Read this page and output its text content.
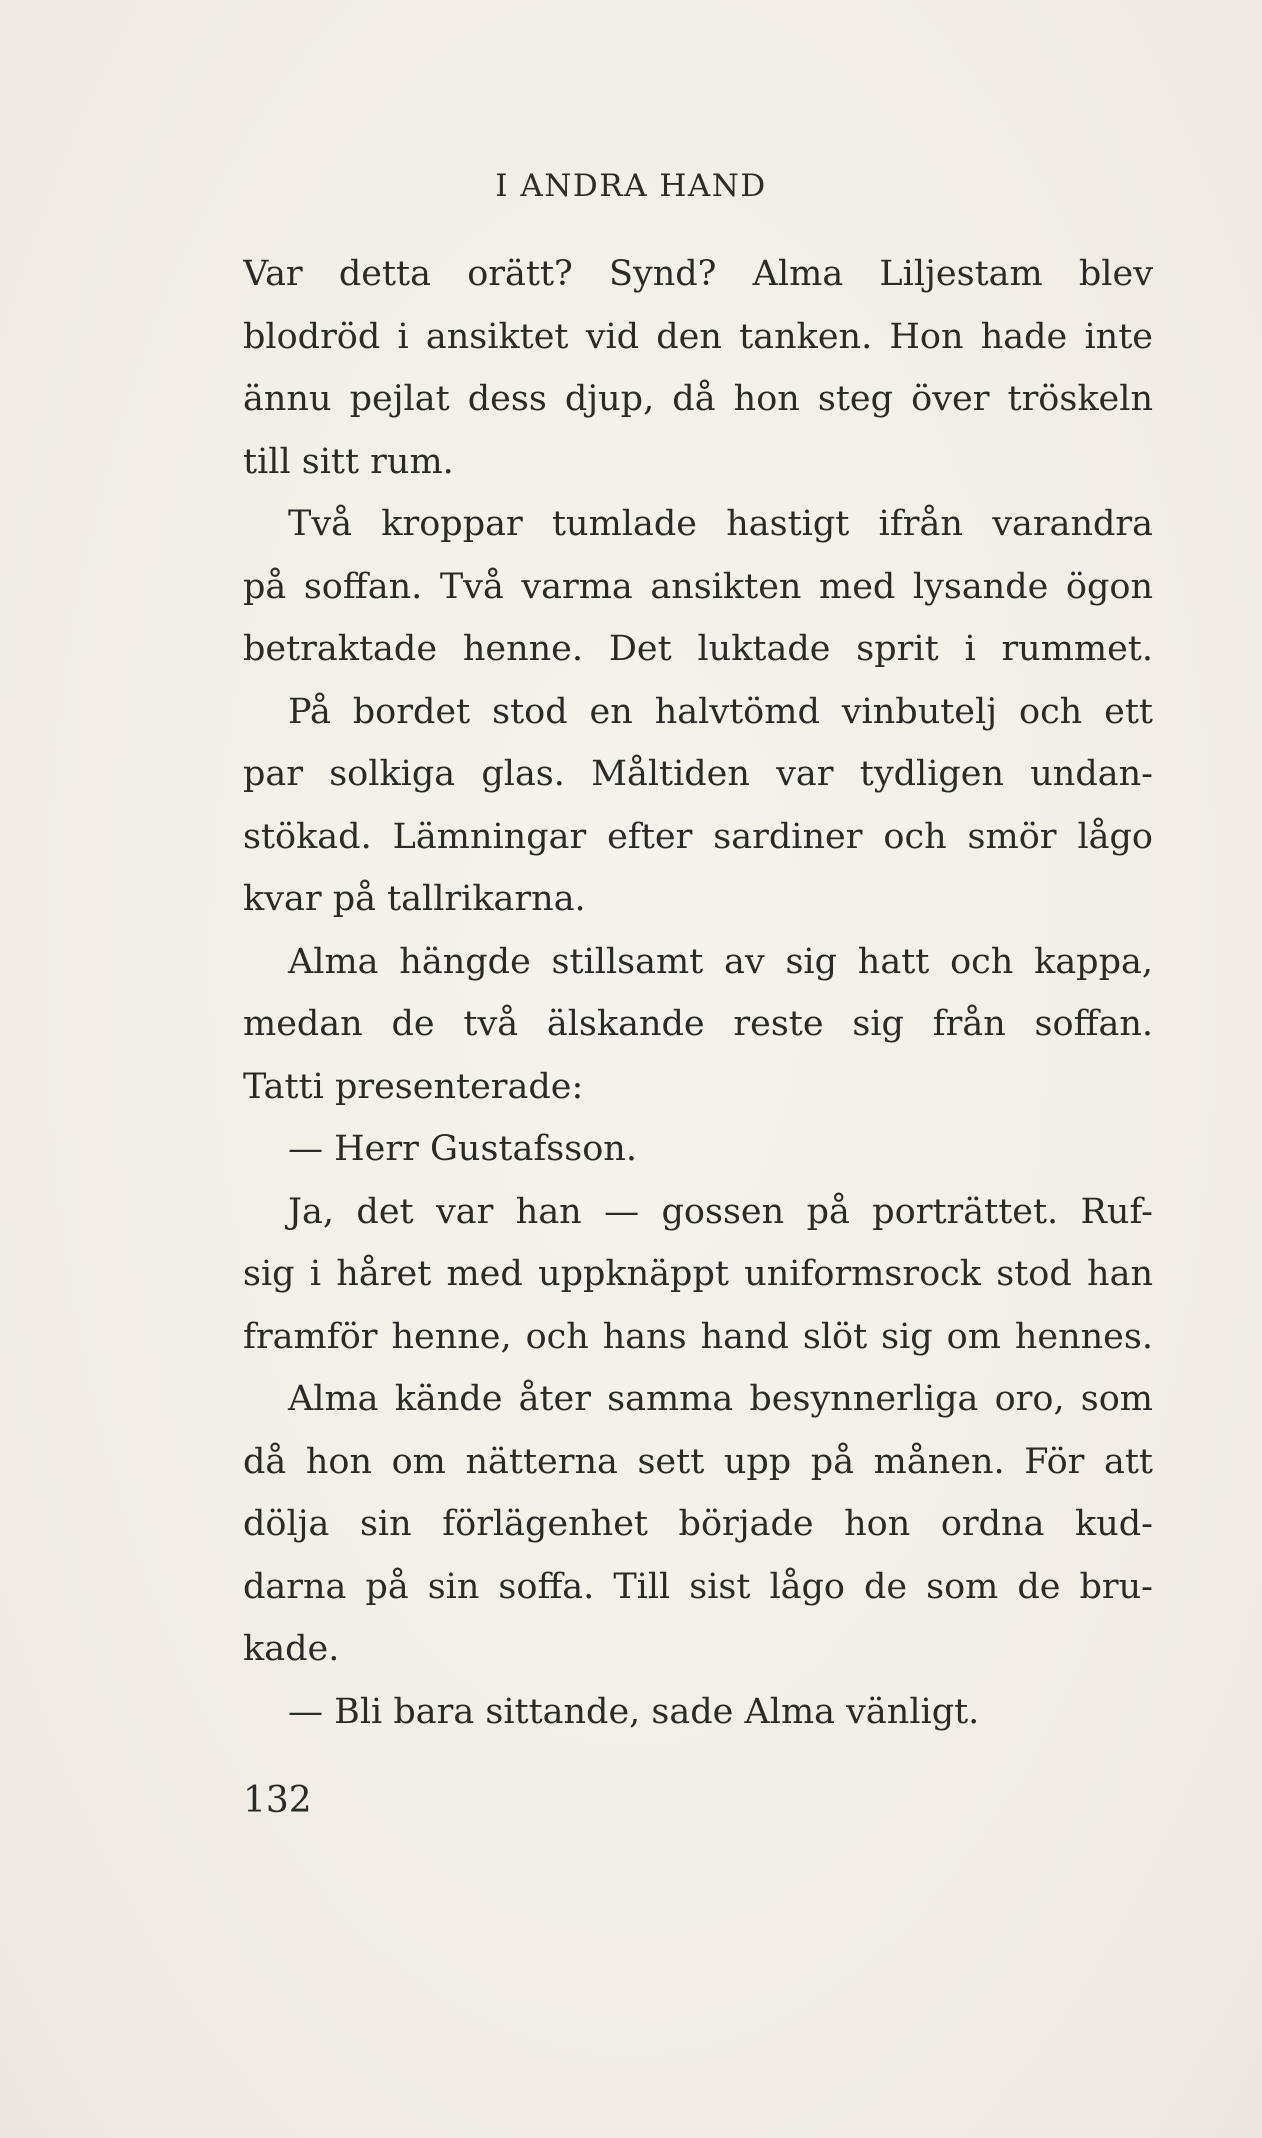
I ANDRA HAND
Var detta orätt? Synd? Alma Liljestam blev
blodröd i ansiktet vid den tanken. Hon hade inte
ännu pejlat dess djup, då hon steg över tröskeln
till sitt rum.
Två kroppar tumlade hastigt ifrån varandra
på soffan. Två varma ansikten med lysande ögon
betraktade henne. Det luktade sprit i rummet.
På bordet stod en halvtömd vinbutelj och ett
par solkiga glas. Måltiden var tydligen undan-
stökad. Lämningar efter sardiner och smör lågo
kvar på tallrikarna.
Alma hängde stillsamt av sig hatt och kappa,
medan de två älskande reste sig från soffan.
Tatti presenterade:
— Herr Gustafsson.
Ja, det var han — gossen på porträttet. Ruf-
sig i håret med uppknäppt uniformsrock stod han
framför henne, och hans hand slöt sig om hennes.
Alma kände åter samma besynnerliga oro, som
då hon om nätterna sett upp på månen. För att
dölja sin förlägenhet började hon ordna kud-
darna på sin soffa. Till sist lågo de som de bru-
kade.
— Bli bara sittande, sade Alma vänligt.
132
